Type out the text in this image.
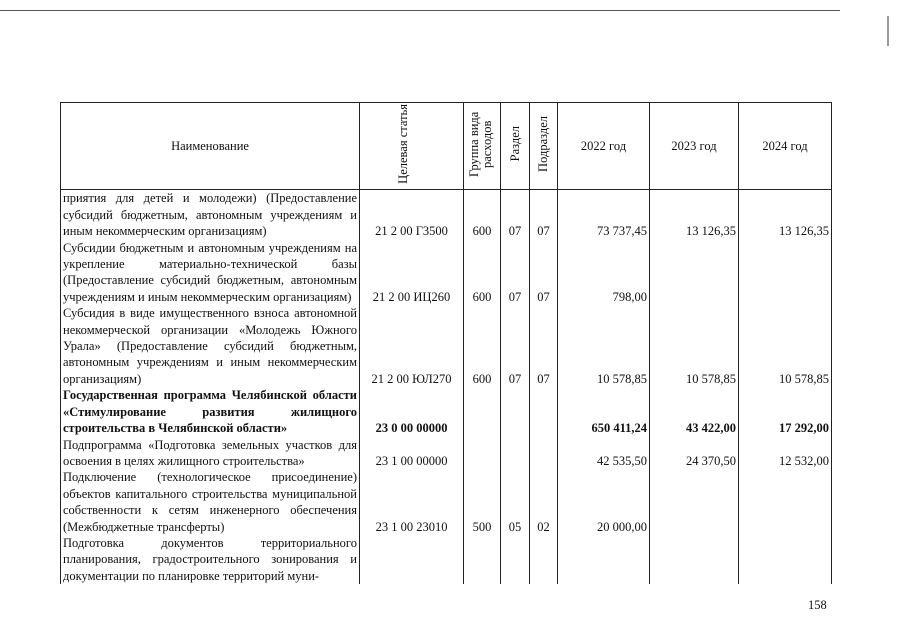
Наименование	Целевая статья	Группа вида расходов	Раздел	Подраздел	2022 год	2023 год	2024 год
приятия для детей и молодежи) (Предоставление субсидий бюджетным, автономным учреждениям и иным некоммерческим организациям)	21 2 00 Г3500	600	07	07	73 737,45	13 126,35	13 126,35
Субсидии бюджетным и автономным учреждениям на укрепление материально-технической базы (Предоставление субсидий бюджетным, автономным учреждениям и иным некоммерческим организациям)	21 2 00 ИЦ260	600	07	07	798,00		
Субсидия в виде имущественного взноса автономной некоммерческой организации «Молодежь Южного Урала» (Предоставление субсидий бюджетным, автономным учреждениям и иным некоммерческим организациям)	21 2 00 ЮЛ270	600	07	07	10 578,85	10 578,85	10 578,85
Государственная программа Челябинской области «Стимулирование развития жилищного строительства в Челябинской области»	23 0 00 00000				650 411,24	43 422,00	17 292,00
Подпрограмма «Подготовка земельных участков для освоения в целях жилищного строительства»	23 1 00 00000				42 535,50	24 370,50	12 532,00
Подключение (технологическое присоединение) объектов капитального строительства муниципальной собственности к сетям инженерного обеспечения (Межбюджетные трансферты)	23 1 00 23010	500	05	02	20 000,00		
Подготовка документов территориального планирования, градостроительного зонирования и документации по планировке территорий муни-							
158
